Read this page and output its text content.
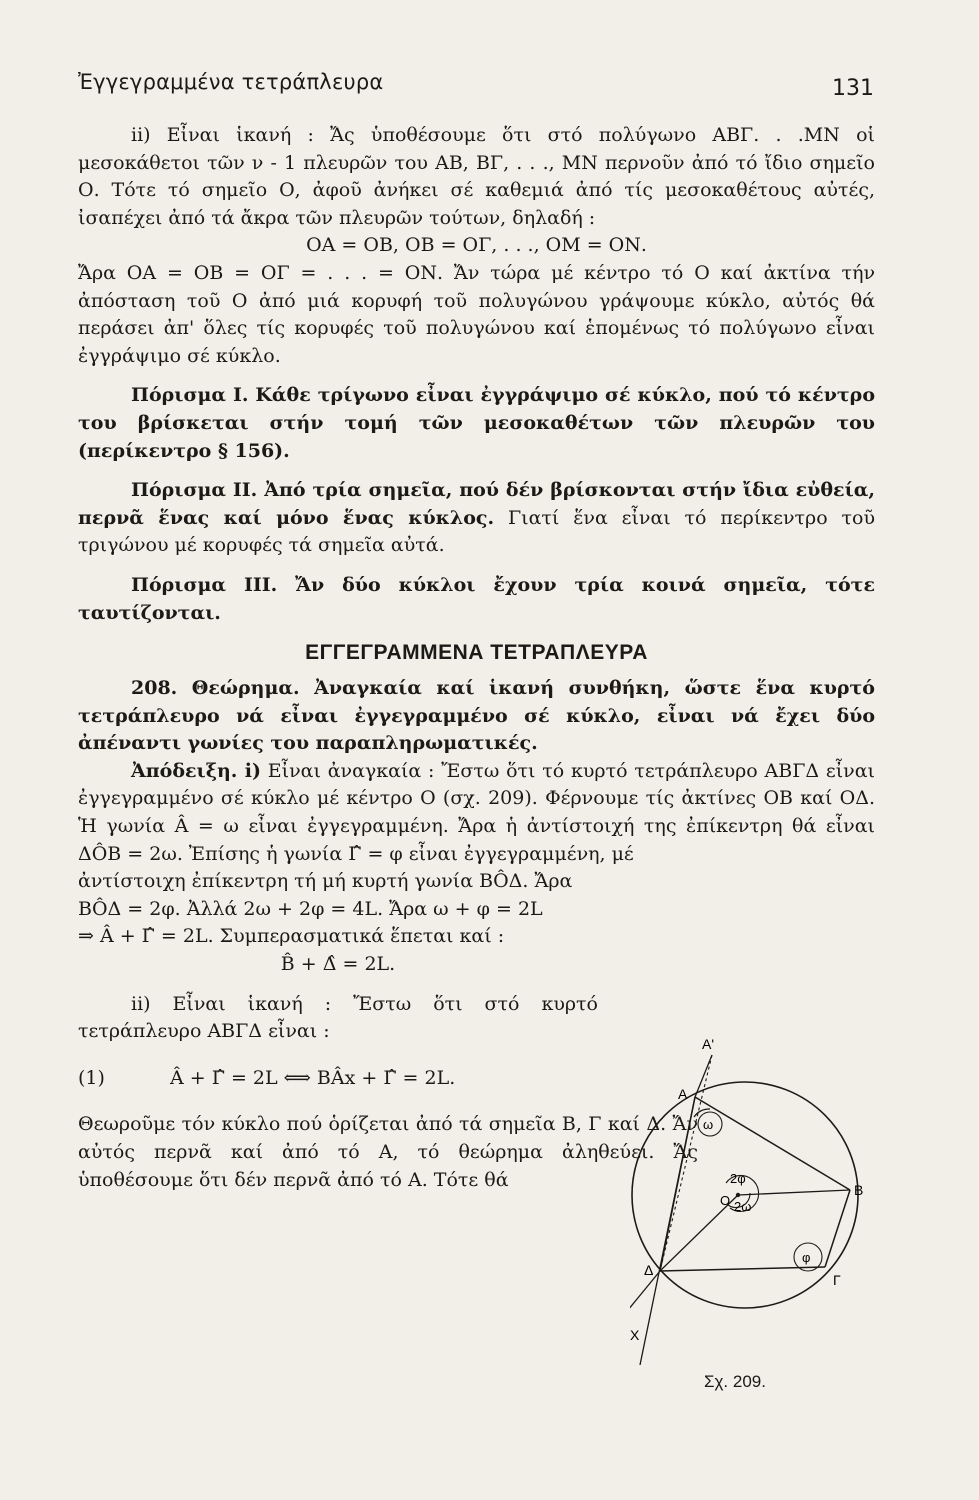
Ἐγγεγραμμένα τετράπλευρα	131

ii) Εἶναι ἱκανή : Ἄς ὑποθέσουμε ὅτι στό πολύγωνο ΑΒΓ. . .ΜΝ οἱ μεσοκάθετοι τῶν ν - 1 πλευρῶν του ΑΒ, ΒΓ, . . ., ΜΝ περνοῦν ἀπό τό ἴδιο σημεῖο Ο. Τότε τό σημεῖο Ο, ἀφοῦ ἀνήκει σέ καθεμιά ἀπό τίς μεσοκαθέτους αὐτές, ἰσαπέχει ἀπό τά ἄκρα τῶν πλευρῶν τούτων, δηλαδή :

ΟΑ = ΟΒ, ΟΒ = ΟΓ, . . ., ΟΜ = ΟΝ.

Ἄρα ΟΑ = ΟΒ = ΟΓ = . . . = ΟΝ. Ἄν τώρα μέ κέντρο τό Ο καί ἀκτίνα τήν ἀπόσταση τοῦ Ο ἀπό μιά κορυφή τοῦ πολυγώνου γράψουμε κύκλο, αὐτός θά περάσει ἀπ' ὅλες τίς κορυφές τοῦ πολυγώνου καί ἑπομένως τό πολύγωνο εἶναι ἐγγράψιμο σέ κύκλο.

Πόρισμα Ι. Κάθε τρίγωνο εἶναι ἐγγράψιμο σέ κύκλο, πού τό κέντρο του βρίσκεται στήν τομή τῶν μεσοκαθέτων τῶν πλευρῶν του (περίκεντρο § 156).

Πόρισμα ΙΙ. Ἀπό τρία σημεῖα, πού δέν βρίσκονται στήν ἴδια εὐθεία, περνᾶ ἕνας καί μόνο ἕνας κύκλος. Γιατί ἕνα εἶναι τό περίκεντρο τοῦ τριγώνου μέ κορυφές τά σημεῖα αὐτά.

Πόρισμα ΙΙΙ. Ἄν δύο κύκλοι ἔχουν τρία κοινά σημεῖα, τότε ταυτίζονται.

ΕΓΓΕΓΡΑΜΜΕΝΑ ΤΕΤΡΑΠΛΕΥΡΑ

208. Θεώρημα. Ἀναγκαία καί ἱκανή συνθήκη, ὥστε ἕνα κυρτό τετράπλευρο νά εἶναι ἐγγεγραμμένο σέ κύκλο, εἶναι νά ἔχει δύο ἀπέναντι γωνίες του παραπληρωματικές.

Ἀπόδειξη. i) Εἶναι ἀναγκαία : Ἔστω ὅτι τό κυρτό τετράπλευρο ΑΒΓΔ εἶναι ἐγγεγραμμένο σέ κύκλο μέ κέντρο Ο (σχ. 209). Φέρνουμε τίς ἀκτίνες ΟΒ καί ΟΔ. Ἡ γωνία Â = ω εἶναι ἐγγεγραμμένη. Ἄρα ἡ ἀντίστοιχή της ἐπίκεντρη θά εἶναι ΔÔΒ = 2ω. Ἐπίσης ἡ γωνία Γ̂ = φ εἶναι ἐγγεγραμμένη, μέ

ἀντίστοιχη ἐπίκεντρη τή μή κυρτή γωνία ΒÔΔ. Ἄρα

ΒÔΔ = 2φ. Ἀλλά 2ω + 2φ = 4L. Ἄρα ω + φ = 2L

⇒ Â + Γ̂ = 2L. Συμπερασματικά ἕπεται καί :

B̂ + Δ̂ = 2L.

ii) Εἶναι ἱκανή : Ἔστω ὅτι στό κυρτό τετράπλευρο ΑΒΓΔ εἶναι :

(1)	Â + Γ̂ = 2L ⟺ ΒÂx + Γ̂ = 2L.

Θεωροῦμε τόν κύκλο πού ὁρίζεται ἀπό τά σημεῖα Β, Γ καί Δ. Ἄν αὐτός περνᾶ καί ἀπό τό Α, τό θεώρημα ἀληθεύει. Ἄς ὑποθέσουμε ὅτι δέν περνᾶ ἀπό τό Α. Τότε θά

Α'
Α
Β
Γ
Δ
Χ
Ο
ω
φ
2φ
2ω
Σχ. 209.
